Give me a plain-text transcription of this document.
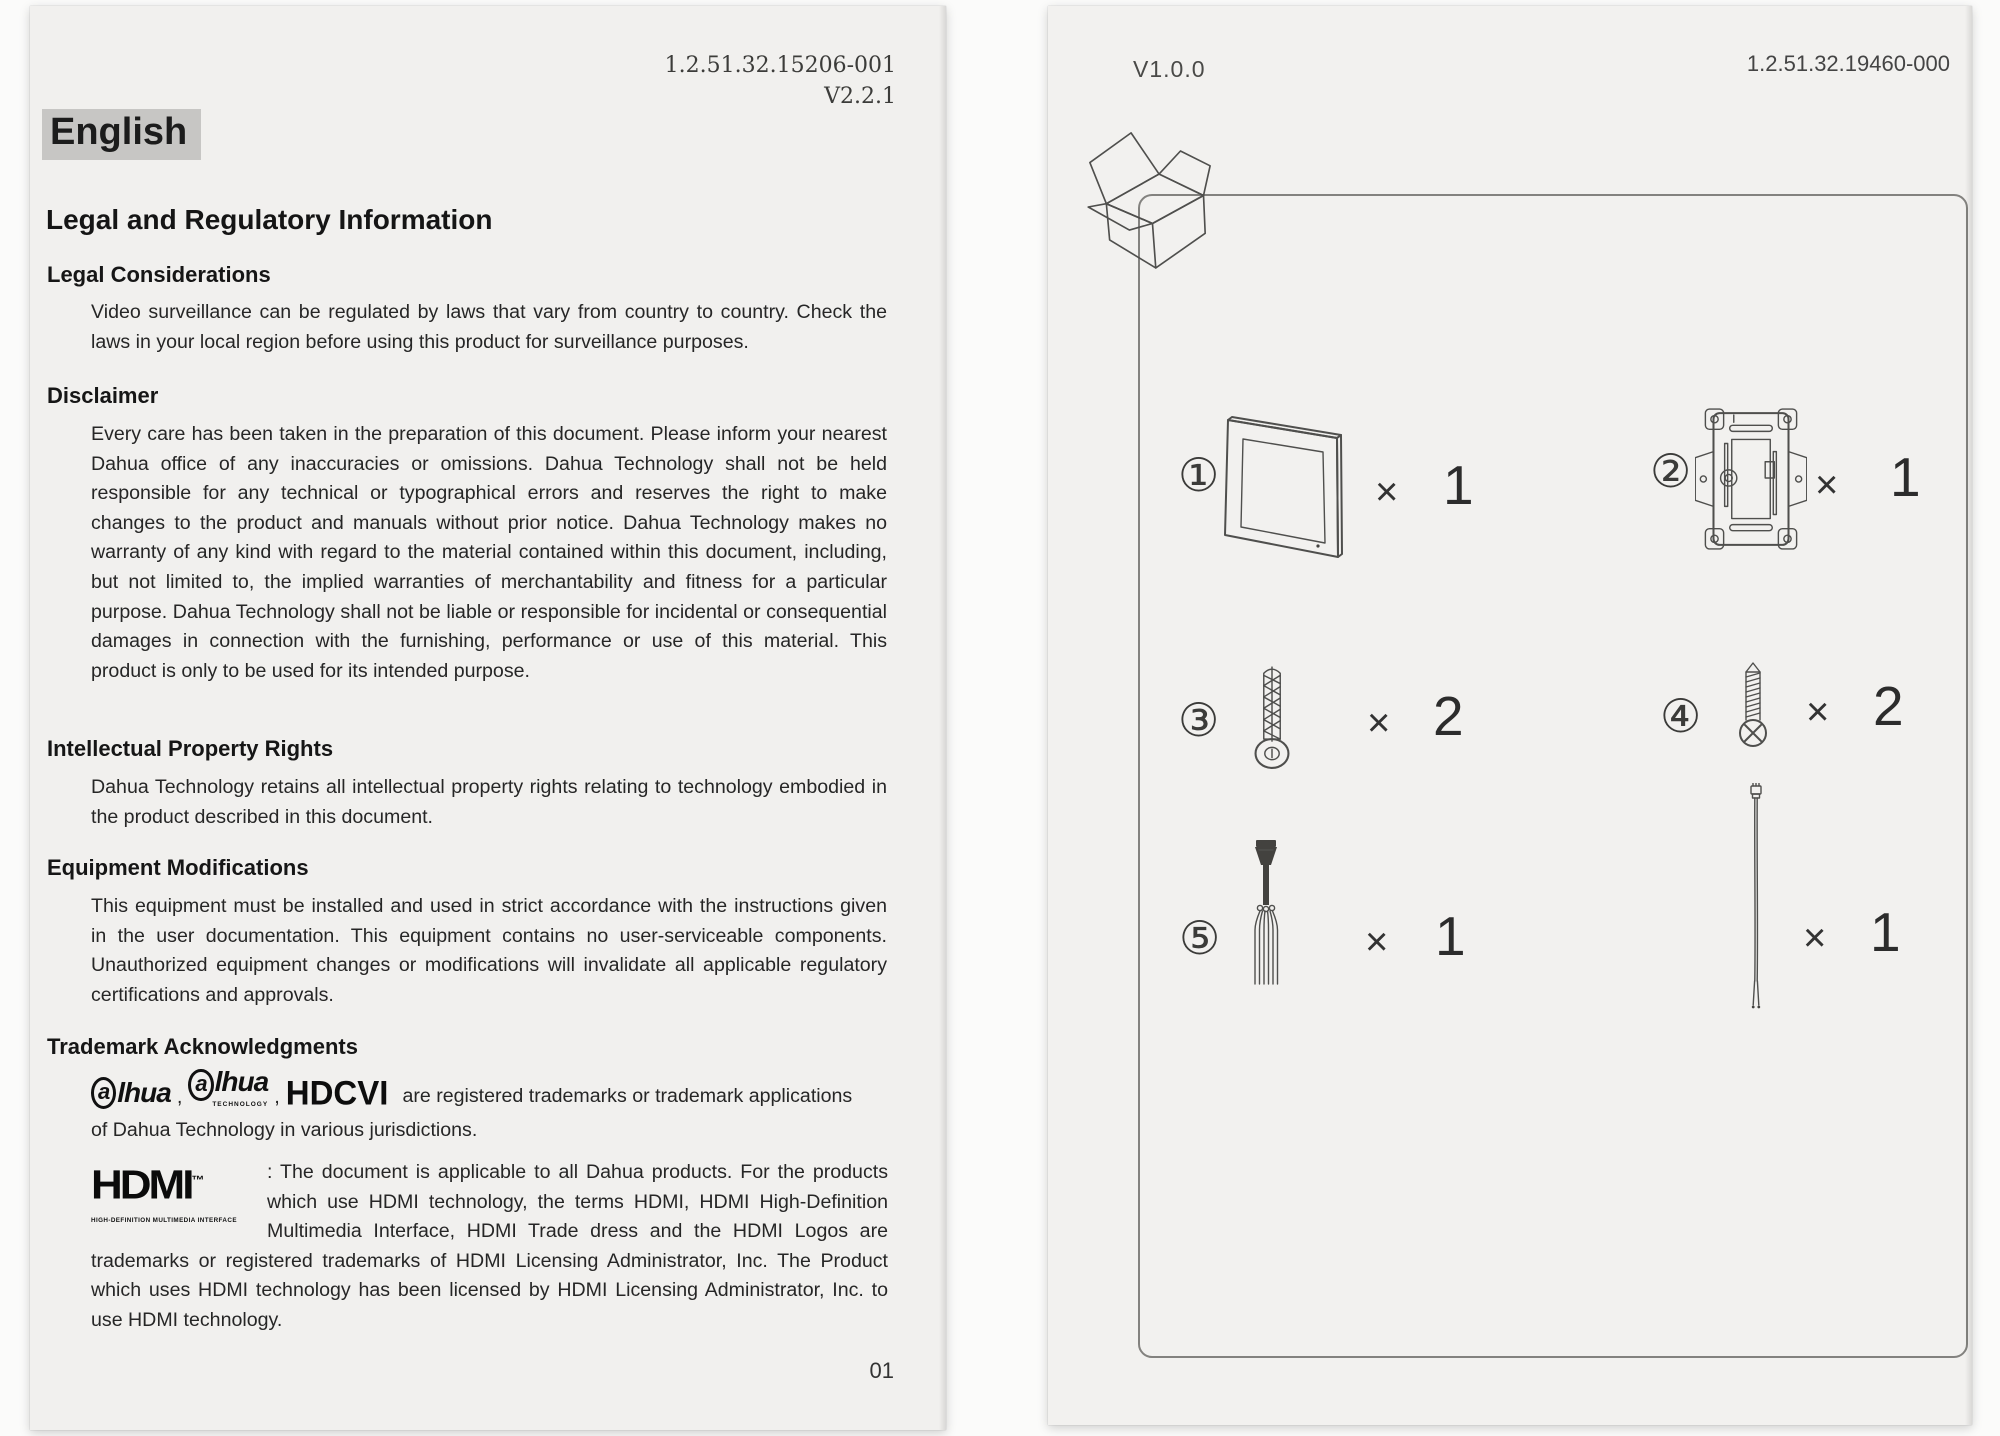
1.2.51.32.15206-001
V2.2.1
English
Legal and Regulatory Information
Legal Considerations
Video surveillance can be regulated by laws that vary from country to country. Check the laws in your local region before using this product for surveillance purposes.
Disclaimer
Every care has been taken in the preparation of this document. Please inform your nearest Dahua office of any inaccuracies or omissions. Dahua Technology shall not be held responsible for any technical or typographical errors and reserves the right to make changes to the product and manuals without prior notice. Dahua Technology makes no warranty of any kind with regard to the material contained within this document, including, but not limited to, the implied warranties of merchantability and fitness for a particular purpose. Dahua Technology shall not be liable or responsible for incidental or consequential damages in connection with the furnishing, performance or use of this material. This product is only to be used for its intended purpose.
Intellectual Property Rights
Dahua Technology retains all intellectual property rights relating to technology embodied in the product described in this document.
Equipment Modifications
This equipment must be installed and used in strict accordance with the instructions given in the user documentation. This equipment contains no user-serviceable components. Unauthorized equipment changes or modifications will invalidate all applicable regulatory certifications and approvals.
Trademark Acknowledgments
a lhua ,
a lhua
TECHNOLOGY , HDCVI are registered trademarks or trademark applications
of Dahua Technology in various jurisdictions.
HDMI™
HIGH-DEFINITION MULTIMEDIA INTERFACE
: The document is applicable to all Dahua products. For the products which use HDMI technology, the terms HDMI, HDMI High-Definition Multimedia Interface, HDMI Trade dress and the HDMI Logos are trademarks or registered trademarks of HDMI Licensing Administrator, Inc. The Product which uses HDMI technology has been licensed by HDMI Licensing Administrator, Inc. to use HDMI technology.
01
V1.0.0	1.2.51.32.19460-000
①	× 1	②	× 1
③	× 2	④	× 2
⑤	× 1	× 1
